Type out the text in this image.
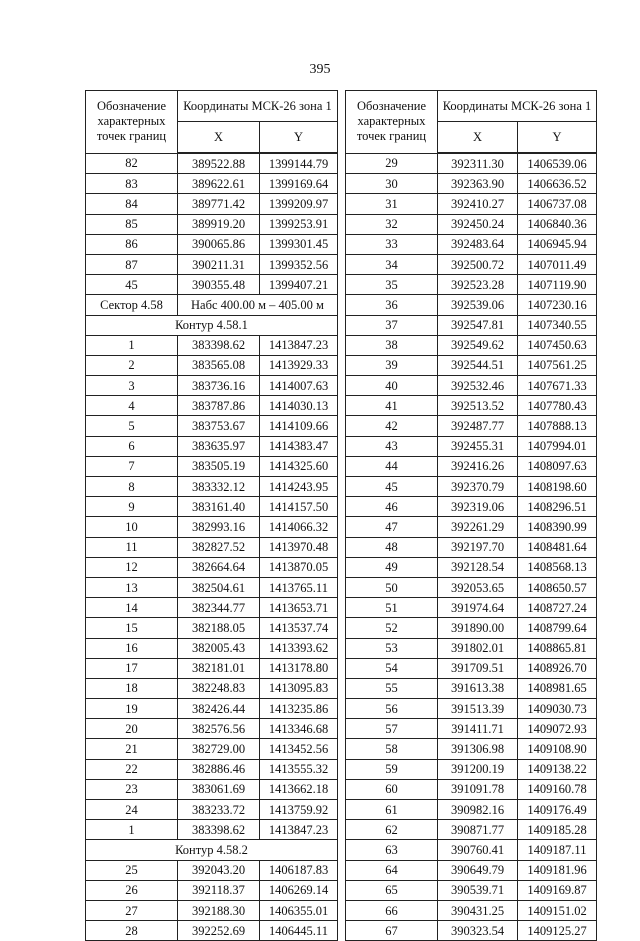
395
Обозначение характерных точек границ	Координаты МСК-26 зона 1	
	X	Y
82	389522.88	1399144.79
83	389622.61	1399169.64
84	389771.42	1399209.97
85	389919.20	1399253.91
86	390065.86	1399301.45
87	390211.31	1399352.56
45	390355.48	1399407.21
Сектор 4.58	Набс 400.00 м – 405.00 м	
Контур 4.58.1		
1	383398.62	1413847.23
2	383565.08	1413929.33
3	383736.16	1414007.63
4	383787.86	1414030.13
5	383753.67	1414109.66
6	383635.97	1414383.47
7	383505.19	1414325.60
8	383332.12	1414243.95
9	383161.40	1414157.50
10	382993.16	1414066.32
11	382827.52	1413970.48
12	382664.64	1413870.05
13	382504.61	1413765.11
14	382344.77	1413653.71
15	382188.05	1413537.74
16	382005.43	1413393.62
17	382181.01	1413178.80
18	382248.83	1413095.83
19	382426.44	1413235.86
20	382576.56	1413346.68
21	382729.00	1413452.56
22	382886.46	1413555.32
23	383061.69	1413662.18
24	383233.72	1413759.92
1	383398.62	1413847.23
Контур 4.58.2		
25	392043.20	1406187.83
26	392118.37	1406269.14
27	392188.30	1406355.01
28	392252.69	1406445.11
Обозначение характерных точек границ	Координаты МСК-26 зона 1	
	X	Y
29	392311.30	1406539.06
30	392363.90	1406636.52
31	392410.27	1406737.08
32	392450.24	1406840.36
33	392483.64	1406945.94
34	392500.72	1407011.49
35	392523.28	1407119.90
36	392539.06	1407230.16
37	392547.81	1407340.55
38	392549.62	1407450.63
39	392544.51	1407561.25
40	392532.46	1407671.33
41	392513.52	1407780.43
42	392487.77	1407888.13
43	392455.31	1407994.01
44	392416.26	1408097.63
45	392370.79	1408198.60
46	392319.06	1408296.51
47	392261.29	1408390.99
48	392197.70	1408481.64
49	392128.54	1408568.13
50	392053.65	1408650.57
51	391974.64	1408727.24
52	391890.00	1408799.64
53	391802.01	1408865.81
54	391709.51	1408926.70
55	391613.38	1408981.65
56	391513.39	1409030.73
57	391411.71	1409072.93
58	391306.98	1409108.90
59	391200.19	1409138.22
60	391091.78	1409160.78
61	390982.16	1409176.49
62	390871.77	1409185.28
63	390760.41	1409187.11
64	390649.79	1409181.96
65	390539.71	1409169.87
66	390431.25	1409151.02
67	390323.54	1409125.27
